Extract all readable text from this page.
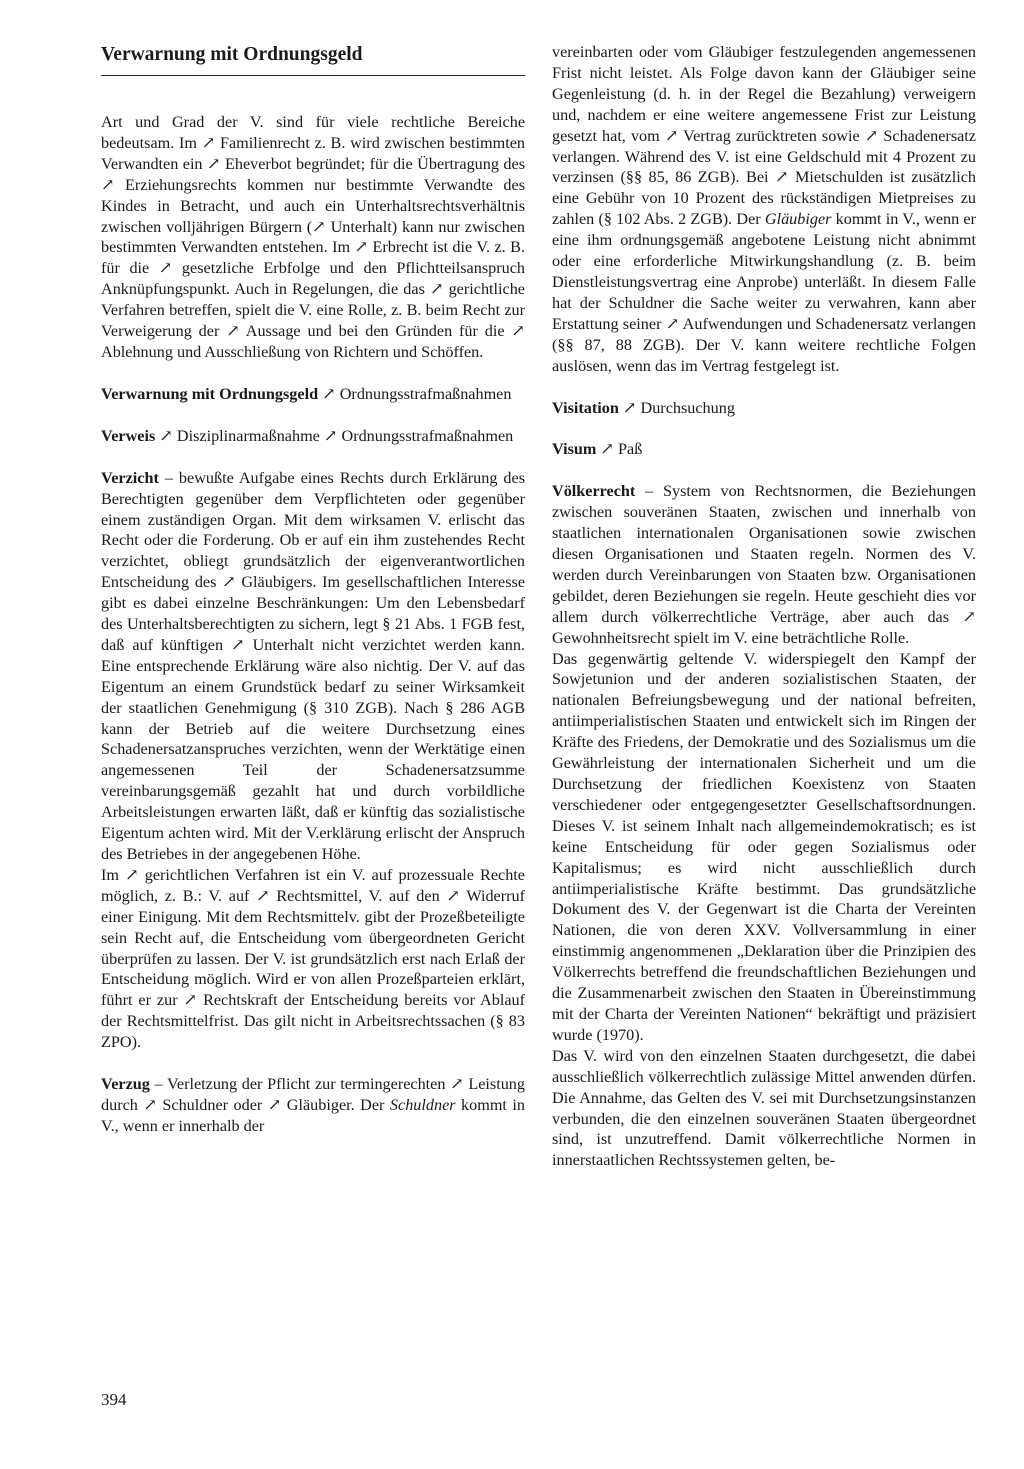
Verwarnung mit Ordnungsgeld

Art und Grad der V. sind für viele rechtliche Bereiche bedeutsam. Im ↗ Familienrecht z. B. wird zwischen bestimmten Verwandten ein ↗ Eheverbot begründet; für die Übertragung des ↗ Erziehungsrechts kommen nur bestimmte Verwandte des Kindes in Betracht, und auch ein Unterhaltsrechtsverhältnis zwischen volljährigen Bürgern (↗ Unterhalt) kann nur zwischen bestimmten Verwandten entstehen. Im ↗ Erbrecht ist die V. z. B. für die ↗ gesetzliche Erbfolge und den Pflichtteilsanspruch Anknüpfungspunkt. Auch in Regelungen, die das ↗ gerichtliche Verfahren betreffen, spielt die V. eine Rolle, z. B. beim Recht zur Verweigerung der ↗ Aussage und bei den Gründen für die ↗ Ablehnung und Ausschließung von Richtern und Schöffen.

Verwarnung mit Ordnungsgeld ↗ Ordnungsstrafmaßnahmen

Verweis ↗ Disziplinarmaßnahme ↗ Ordnungsstrafmaßnahmen

Verzicht – bewußte Aufgabe eines Rechts durch Erklärung des Berechtigten gegenüber dem Verpflichteten oder gegenüber einem zuständigen Organ. Mit dem wirksamen V. erlischt das Recht oder die Forderung. Ob er auf ein ihm zustehendes Recht verzichtet, obliegt grundsätzlich der eigenverantwortlichen Entscheidung des ↗ Gläubigers. Im gesellschaftlichen Interesse gibt es dabei einzelne Beschränkungen: Um den Lebensbedarf des Unterhaltsberechtigten zu sichern, legt § 21 Abs. 1 FGB fest, daß auf künftigen ↗ Unterhalt nicht verzichtet werden kann. Eine entsprechende Erklärung wäre also nichtig. Der V. auf das Eigentum an einem Grundstück bedarf zu seiner Wirksamkeit der staatlichen Genehmigung (§ 310 ZGB). Nach § 286 AGB kann der Betrieb auf die weitere Durchsetzung eines Schadenersatzanspruches verzichten, wenn der Werktätige einen angemessenen Teil der Schadenersatzsumme vereinbarungsgemäß gezahlt hat und durch vorbildliche Arbeitsleistungen erwarten läßt, daß er künftig das sozialistische Eigentum achten wird. Mit der V.erklärung erlischt der Anspruch des Betriebes in der angegebenen Höhe.

Im ↗ gerichtlichen Verfahren ist ein V. auf prozessuale Rechte möglich, z. B.: V. auf ↗ Rechtsmittel, V. auf den ↗ Widerruf einer Einigung. Mit dem Rechtsmittelv. gibt der Prozeßbeteiligte sein Recht auf, die Entscheidung vom übergeordneten Gericht überprüfen zu lassen. Der V. ist grundsätzlich erst nach Erlaß der Entscheidung möglich. Wird er von allen Prozeßparteien erklärt, führt er zur ↗ Rechtskraft der Entscheidung bereits vor Ablauf der Rechtsmittelfrist. Das gilt nicht in Arbeitsrechtssachen (§ 83 ZPO).

Verzug – Verletzung der Pflicht zur termingerechten ↗ Leistung durch ↗ Schuldner oder ↗ Gläubiger. Der Schuldner kommt in V., wenn er innerhalb der

vereinbarten oder vom Gläubiger festzulegenden angemessenen Frist nicht leistet. Als Folge davon kann der Gläubiger seine Gegenleistung (d. h. in der Regel die Bezahlung) verweigern und, nachdem er eine weitere angemessene Frist zur Leistung gesetzt hat, vom ↗ Vertrag zurücktreten sowie ↗ Schadenersatz verlangen. Während des V. ist eine Geldschuld mit 4 Prozent zu verzinsen (§§ 85, 86 ZGB). Bei ↗ Mietschulden ist zusätzlich eine Gebühr von 10 Prozent des rückständigen Mietpreises zu zahlen (§ 102 Abs. 2 ZGB). Der Gläubiger kommt in V., wenn er eine ihm ordnungsgemäß angebotene Leistung nicht abnimmt oder eine erforderliche Mitwirkungshandlung (z. B. beim Dienstleistungsvertrag eine Anprobe) unterläßt. In diesem Falle hat der Schuldner die Sache weiter zu verwahren, kann aber Erstattung seiner ↗ Aufwendungen und Schadenersatz verlangen (§§ 87, 88 ZGB). Der V. kann weitere rechtliche Folgen auslösen, wenn das im Vertrag festgelegt ist.

Visitation ↗ Durchsuchung

Visum ↗ Paß

Völkerrecht – System von Rechtsnormen, die Beziehungen zwischen souveränen Staaten, zwischen und innerhalb von staatlichen internationalen Organisationen sowie zwischen diesen Organisationen und Staaten regeln. Normen des V. werden durch Vereinbarungen von Staaten bzw. Organisationen gebildet, deren Beziehungen sie regeln. Heute geschieht dies vor allem durch völkerrechtliche Verträge, aber auch das ↗ Gewohnheitsrecht spielt im V. eine beträchtliche Rolle.

Das gegenwärtig geltende V. widerspiegelt den Kampf der Sowjetunion und der anderen sozialistischen Staaten, der nationalen Befreiungsbewegung und der national befreiten, antiimperialistischen Staaten und entwickelt sich im Ringen der Kräfte des Friedens, der Demokratie und des Sozialismus um die Gewährleistung der internationalen Sicherheit und um die Durchsetzung der friedlichen Koexistenz von Staaten verschiedener oder entgegengesetzter Gesellschaftsordnungen. Dieses V. ist seinem Inhalt nach allgemeindemokratisch; es ist keine Entscheidung für oder gegen Sozialismus oder Kapitalismus; es wird nicht ausschließlich durch antiimperialistische Kräfte bestimmt. Das grundsätzliche Dokument des V. der Gegenwart ist die Charta der Vereinten Nationen, die von deren XXV. Vollversammlung in einer einstimmig angenommenen „Deklaration über die Prinzipien des Völkerrechts betreffend die freundschaftlichen Beziehungen und die Zusammenarbeit zwischen den Staaten in Übereinstimmung mit der Charta der Vereinten Nationen“ bekräftigt und präzisiert wurde (1970).

Das V. wird von den einzelnen Staaten durchgesetzt, die dabei ausschließlich völkerrechtlich zulässige Mittel anwenden dürfen. Die Annahme, das Gelten des V. sei mit Durchsetzungsinstanzen verbunden, die den einzelnen souveränen Staaten übergeordnet sind, ist unzutreffend. Damit völkerrechtliche Normen in innerstaatlichen Rechtssystemen gelten, be-

394
